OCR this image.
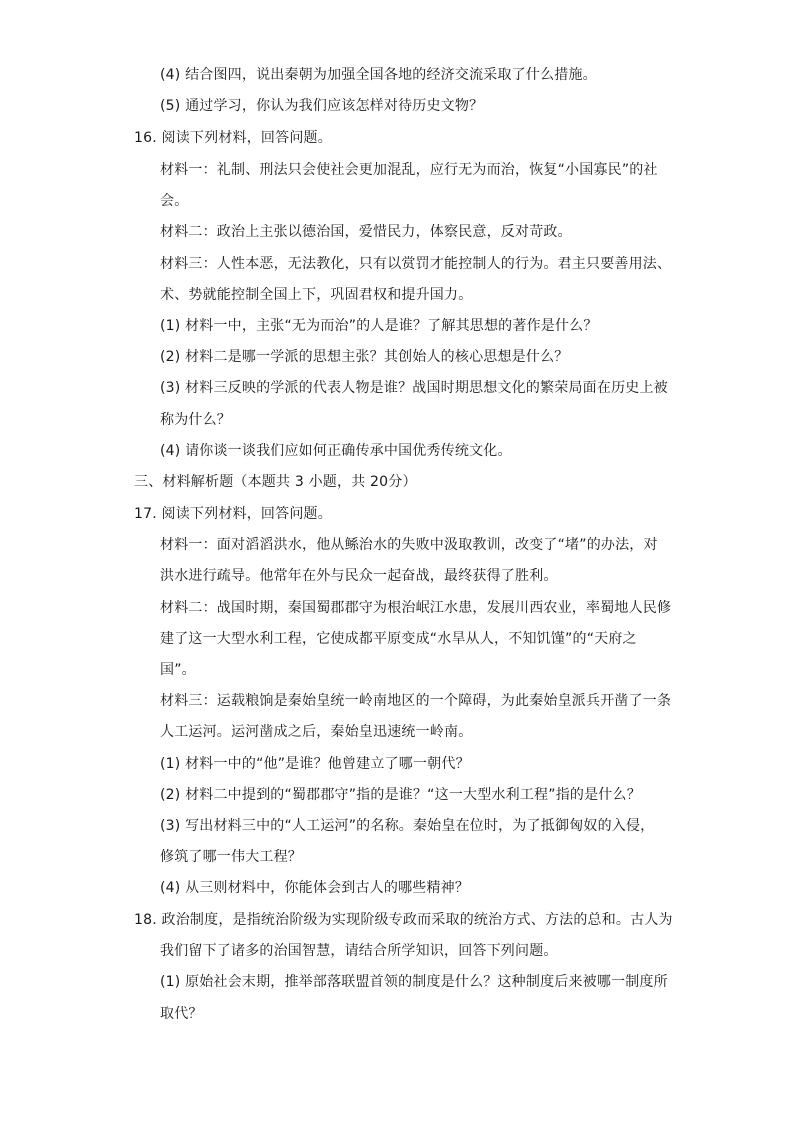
(4) 结合图四，说出秦朝为加强全国各地的经济交流采取了什么措施。
(5) 通过学习，你认为我们应该怎样对待历史文物？
16. 阅读下列材料，回答问题。
材料一：礼制、刑法只会使社会更加混乱，应行无为而治，恢复“小国寡民”的社
会。
材料二：政治上主张以德治国，爱惜民力，体察民意，反对苛政。
材料三：人性本恶，无法教化，只有以赏罚才能控制人的行为。君主只要善用法、
术、势就能控制全国上下，巩固君权和提升国力。
(1) 材料一中，主张“无为而治”的人是谁？了解其思想的著作是什么？
(2) 材料二是哪一学派的思想主张？其创始人的核心思想是什么？
(3) 材料三反映的学派的代表人物是谁？战国时期思想文化的繁荣局面在历史上被
称为什么？
(4) 请你谈一谈我们应如何正确传承中国优秀传统文化。
三、材料解析题（本题共 3 小题，共 20分）
17. 阅读下列材料，回答问题。
材料一：面对滔滔洪水，他从鲧治水的失败中汲取教训，改变了“堵”的办法，对
洪水进行疏导。他常年在外与民众一起奋战，最终获得了胜利。
材料二：战国时期，秦国蜀郡郡守为根治岷江水患，发展川西农业，率蜀地人民修
建了这一大型水利工程，它使成都平原变成“水旱从人，不知饥馑”的“天府之
国”。
材料三：运载粮饷是秦始皇统一岭南地区的一个障碍，为此秦始皇派兵开凿了一条
人工运河。运河凿成之后，秦始皇迅速统一岭南。
(1) 材料一中的“他”是谁？他曾建立了哪一朝代？
(2) 材料二中提到的“蜀郡郡守”指的是谁？“这一大型水利工程”指的是什么？
(3) 写出材料三中的“人工运河”的名称。秦始皇在位时，为了抵御匈奴的入侵，
修筑了哪一伟大工程？
(4) 从三则材料中，你能体会到古人的哪些精神？
18. 政治制度，是指统治阶级为实现阶级专政而采取的统治方式、方法的总和。古人为
我们留下了诸多的治国智慧，请结合所学知识，回答下列问题。
(1) 原始社会末期，推举部落联盟首领的制度是什么？这种制度后来被哪一制度所
取代？
